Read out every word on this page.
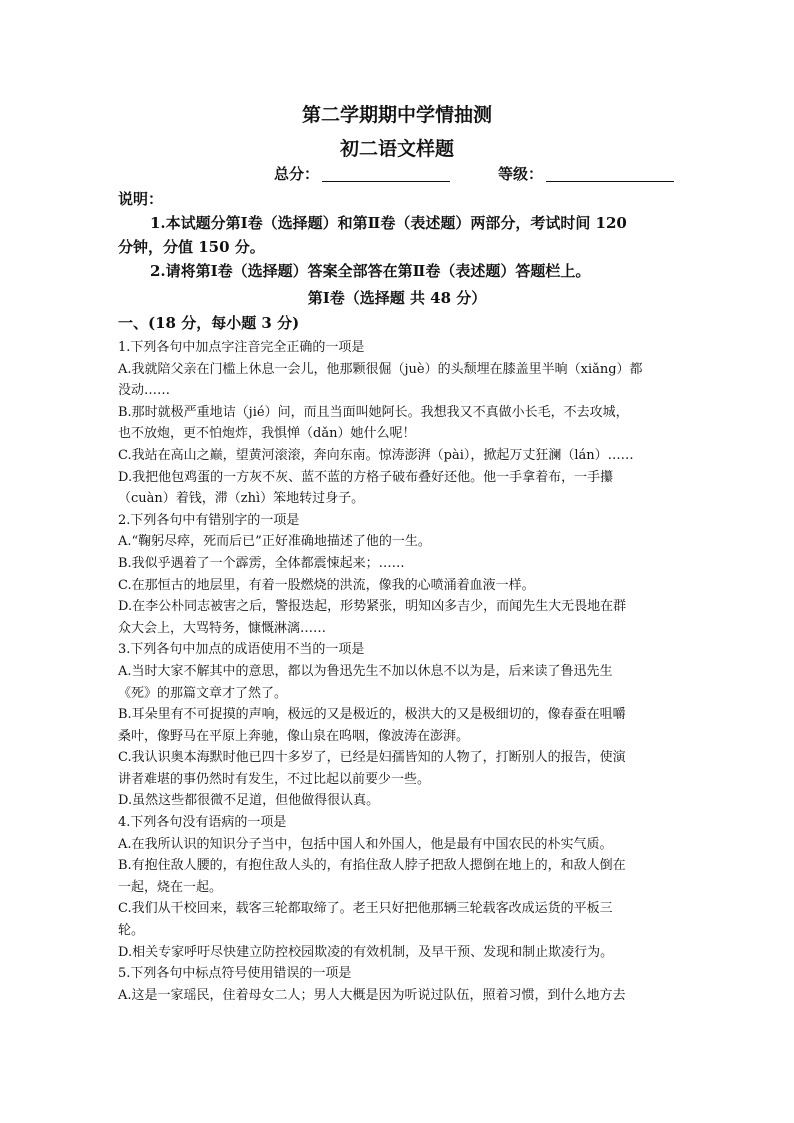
第二学期期中学情抽测
初二语文样题
总分：	等级：
说明：
1.本试题分第Ⅰ卷（选择题）和第Ⅱ卷（表述题）两部分，考试时间 120
分钟，分值 150 分。
2.请将第Ⅰ卷（选择题）答案全部答在第Ⅱ卷（表述题）答题栏上。
第Ⅰ卷（选择题 共 48 分）
一、(18 分，每小题 3 分)

1.下列各句中加点字注音完全正确的一项是

A.我就陪父亲在门槛上休息一会儿，他那颗很倔（juè）的头颓埋在膝盖里半晌（xiǎng）都

没动……

B.那时就极严重地诘（jié）问，而且当面叫她阿长。我想我又不真做小长毛，不去攻城，

也不放炮，更不怕炮炸，我惧惮（dǎn）她什么呢！

C.我站在高山之巅，望黄河滚滚，奔向东南。惊涛澎湃（pài），掀起万丈狂澜（lán）……

D.我把他包鸡蛋的一方灰不灰、蓝不蓝的方格子破布叠好还他。他一手拿着布，一手攥

（cuàn）着钱，滞（zhì）笨地转过身子。

2.下列各句中有错别字的一项是

A.“鞠躬尽瘁，死而后已”正好准确地描述了他的一生。

B.我似乎遇着了一个霹雳，全体都震悚起来；……

C.在那恒古的地层里，有着一股燃烧的洪流，像我的心喷涌着血液一样。

D.在李公朴同志被害之后，警报迭起，形势紧张，明知凶多吉少，而闻先生大无畏地在群

众大会上，大骂特务，慷慨淋漓……

3.下列各句中加点的成语使用不当的一项是

A.当时大家不解其中的意思，都以为鲁迅先生不加以休息不以为是，后来读了鲁迅先生

《死》的那篇文章才了然了。

B.耳朵里有不可捉摸的声响，极远的又是极近的，极洪大的又是极细切的，像春蚕在咀嚼

桑叶，像野马在平原上奔驰，像山泉在呜咽，像波涛在澎湃。

C.我认识奥本海默时他已四十多岁了，已经是妇孺皆知的人物了，打断别人的报告，使演

讲者难堪的事仍然时有发生，不过比起以前要少一些。

D.虽然这些都很微不足道，但他做得很认真。

4.下列各句没有语病的一项是

A.在我所认识的知识分子当中，包括中国人和外国人，他是最有中国农民的朴实气质。

B.有抱住敌人腰的，有抱住敌人头的，有掐住敌人脖子把敌人摁倒在地上的，和敌人倒在

一起，烧在一起。

C.我们从干校回来，载客三轮都取缔了。老王只好把他那辆三轮载客改成运货的平板三

轮。

D.相关专家呼吁尽快建立防控校园欺凌的有效机制，及早干预、发现和制止欺凌行为。

5.下列各句中标点符号使用错误的一项是

A.这是一家瑶民，住着母女二人；男人大概是因为听说过队伍，照着习惯，到什么地方去
